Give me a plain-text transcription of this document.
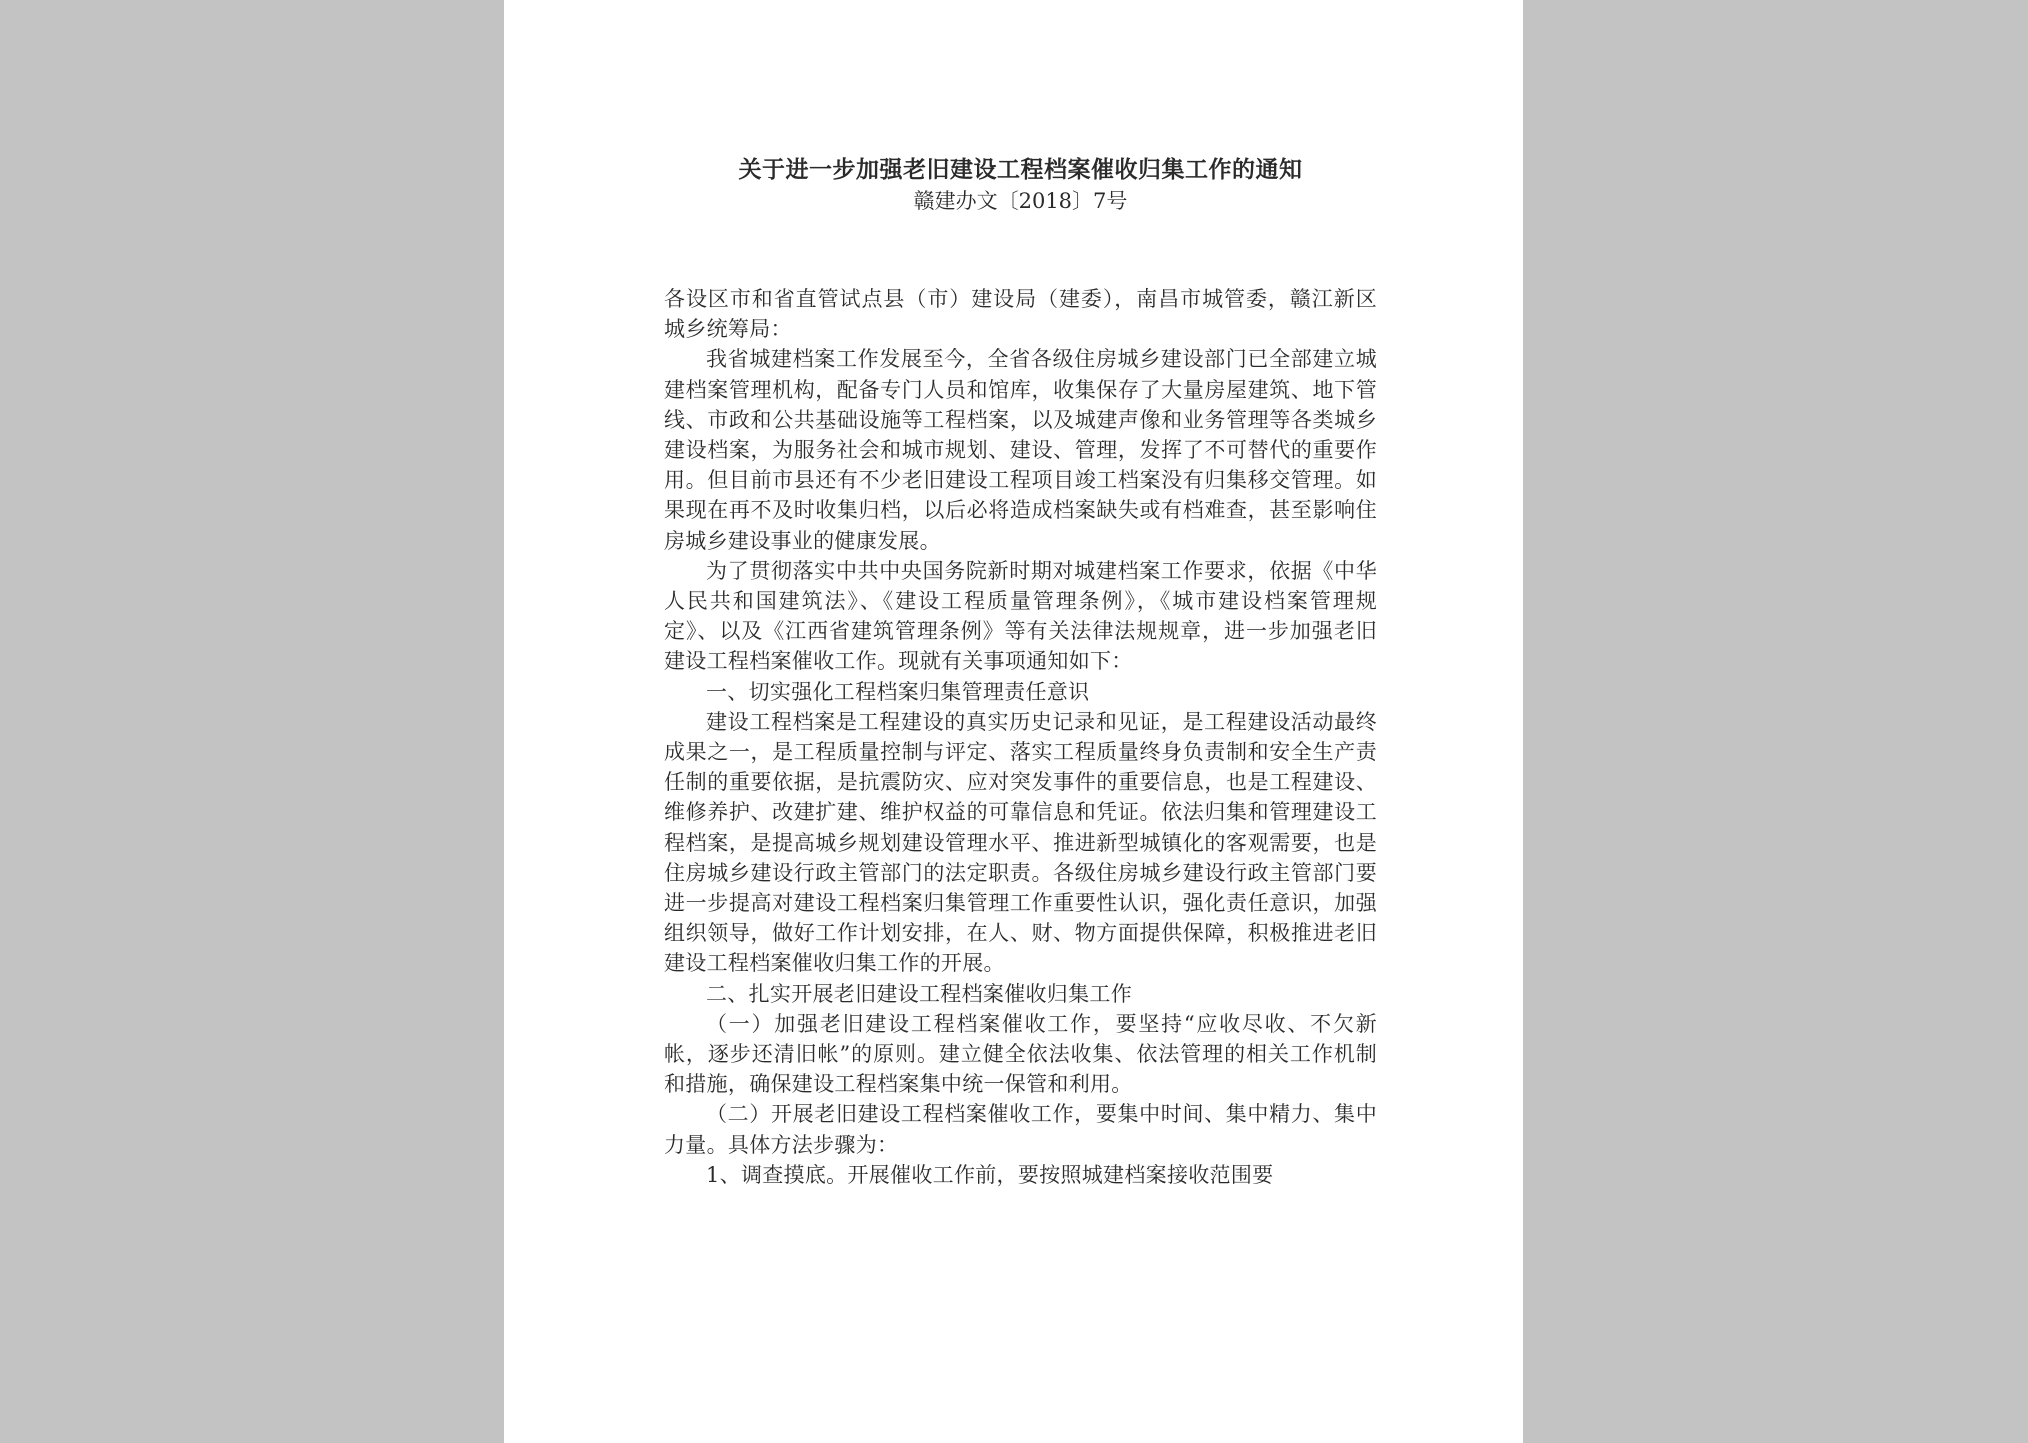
关于进一步加强老旧建设工程档案催收归集工作的通知
赣建办文〔2018〕7号

各设区市和省直管试点县（市）建设局（建委），南昌市城管委，赣江新区城乡统筹局：

我省城建档案工作发展至今，全省各级住房城乡建设部门已全部建立城建档案管理机构，配备专门人员和馆库，收集保存了大量房屋建筑、地下管线、市政和公共基础设施等工程档案，以及城建声像和业务管理等各类城乡建设档案，为服务社会和城市规划、建设、管理，发挥了不可替代的重要作用。但目前市县还有不少老旧建设工程项目竣工档案没有归集移交管理。如果现在再不及时收集归档，以后必将造成档案缺失或有档难查，甚至影响住房城乡建设事业的健康发展。

为了贯彻落实中共中央国务院新时期对城建档案工作要求，依据《中华人民共和国建筑法》、《建设工程质量管理条例》，《城市建设档案管理规定》、以及《江西省建筑管理条例》等有关法律法规规章，进一步加强老旧建设工程档案催收工作。现就有关事项通知如下：

一、切实强化工程档案归集管理责任意识

建设工程档案是工程建设的真实历史记录和见证，是工程建设活动最终成果之一，是工程质量控制与评定、落实工程质量终身负责制和安全生产责任制的重要依据，是抗震防灾、应对突发事件的重要信息，也是工程建设、维修养护、改建扩建、维护权益的可靠信息和凭证。依法归集和管理建设工程档案，是提高城乡规划建设管理水平、推进新型城镇化的客观需要，也是住房城乡建设行政主管部门的法定职责。各级住房城乡建设行政主管部门要进一步提高对建设工程档案归集管理工作重要性认识，强化责任意识，加强组织领导，做好工作计划安排，在人、财、物方面提供保障，积极推进老旧建设工程档案催收归集工作的开展。

二、扎实开展老旧建设工程档案催收归集工作

（一）加强老旧建设工程档案催收工作，要坚持“应收尽收、不欠新帐，逐步还清旧帐”的原则。建立健全依法收集、依法管理的相关工作机制和措施，确保建设工程档案集中统一保管和利用。

（二）开展老旧建设工程档案催收工作，要集中时间、集中精力、集中力量。具体方法步骤为：

1、调查摸底。开展催收工作前，要按照城建档案接收范围要
